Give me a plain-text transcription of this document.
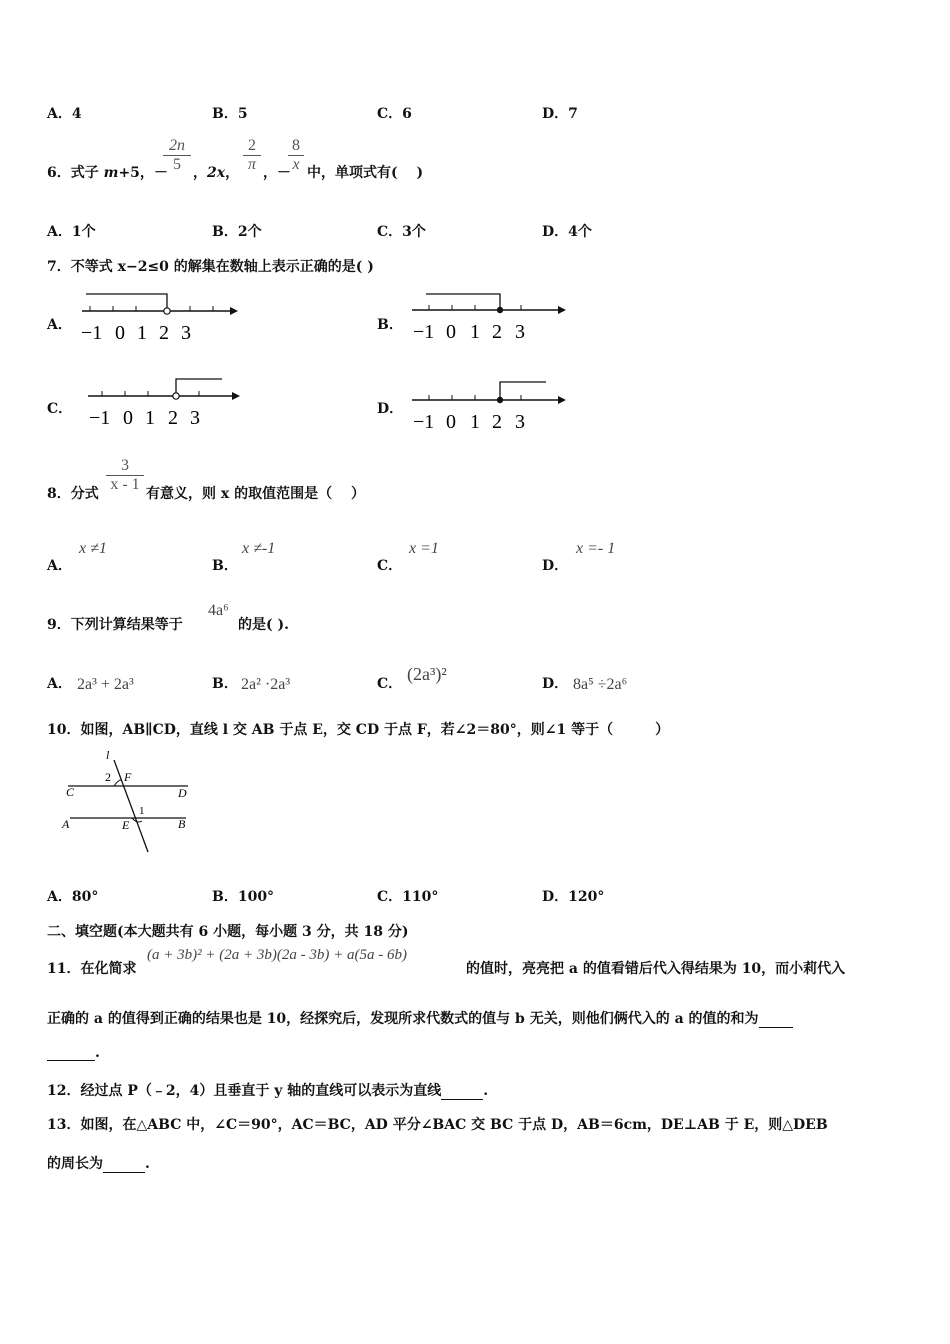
A．4	B．5	C．6	D．7
6．式子 m+5，－
2n
5 ，2x，
2
π ，－
8
x 中，单项式有(　 )
A．1个	B．2个	C．3个	D．4个
7．不等式 x−2≤0 的解集在数轴上表示正确的是( )
A．	B．
C．	D．
−1 0 1 2 3	−1 0 1 2 3
−1 0 1 2 3	−1 0 1 2 3
8．分式
3
x - 1
有意义，则 x 的取值范围是（　 ）
A．
x ≠1
B．
x ≠-1
C．
x =1
D．
x =- 1
9．下列计算结果等于
4a⁶
的是( ).
A． 2a³ + 2a³	B． 2a² ·2a³	C． (2a³)²	D． 8a⁵ ÷2a⁶
10．如图，AB∥CD，直线 l 交 AB 于点 E，交 CD 于点 F，若∠2＝80°，则∠1 等于（　　　）
l
2 F
C	D
1
A	E	B
A．80°	B．100°	C．110°	D．120°
二、填空题(本大题共有 6 小题，每小题 3 分，共 18 分)
11．在化简求
(a + 3b)² + (2a + 3b)(2a - 3b) + a(5a - 6b)
的值时，亮亮把 a 的值看错后代入得结果为 10，而小莉代入
正确的 a 的值得到正确的结果也是 10，经探究后，发现所求代数式的值与 b 无关，则他们俩代入的 a 的值的和为
.
12．经过点 P（﹣2，4）且垂直于 y 轴的直线可以表示为直线	.
13．如图，在△ABC 中，∠C＝90°，AC＝BC，AD 平分∠BAC 交 BC 于点 D，AB＝6cm，DE⊥AB 于 E，则△DEB
的周长为	.
